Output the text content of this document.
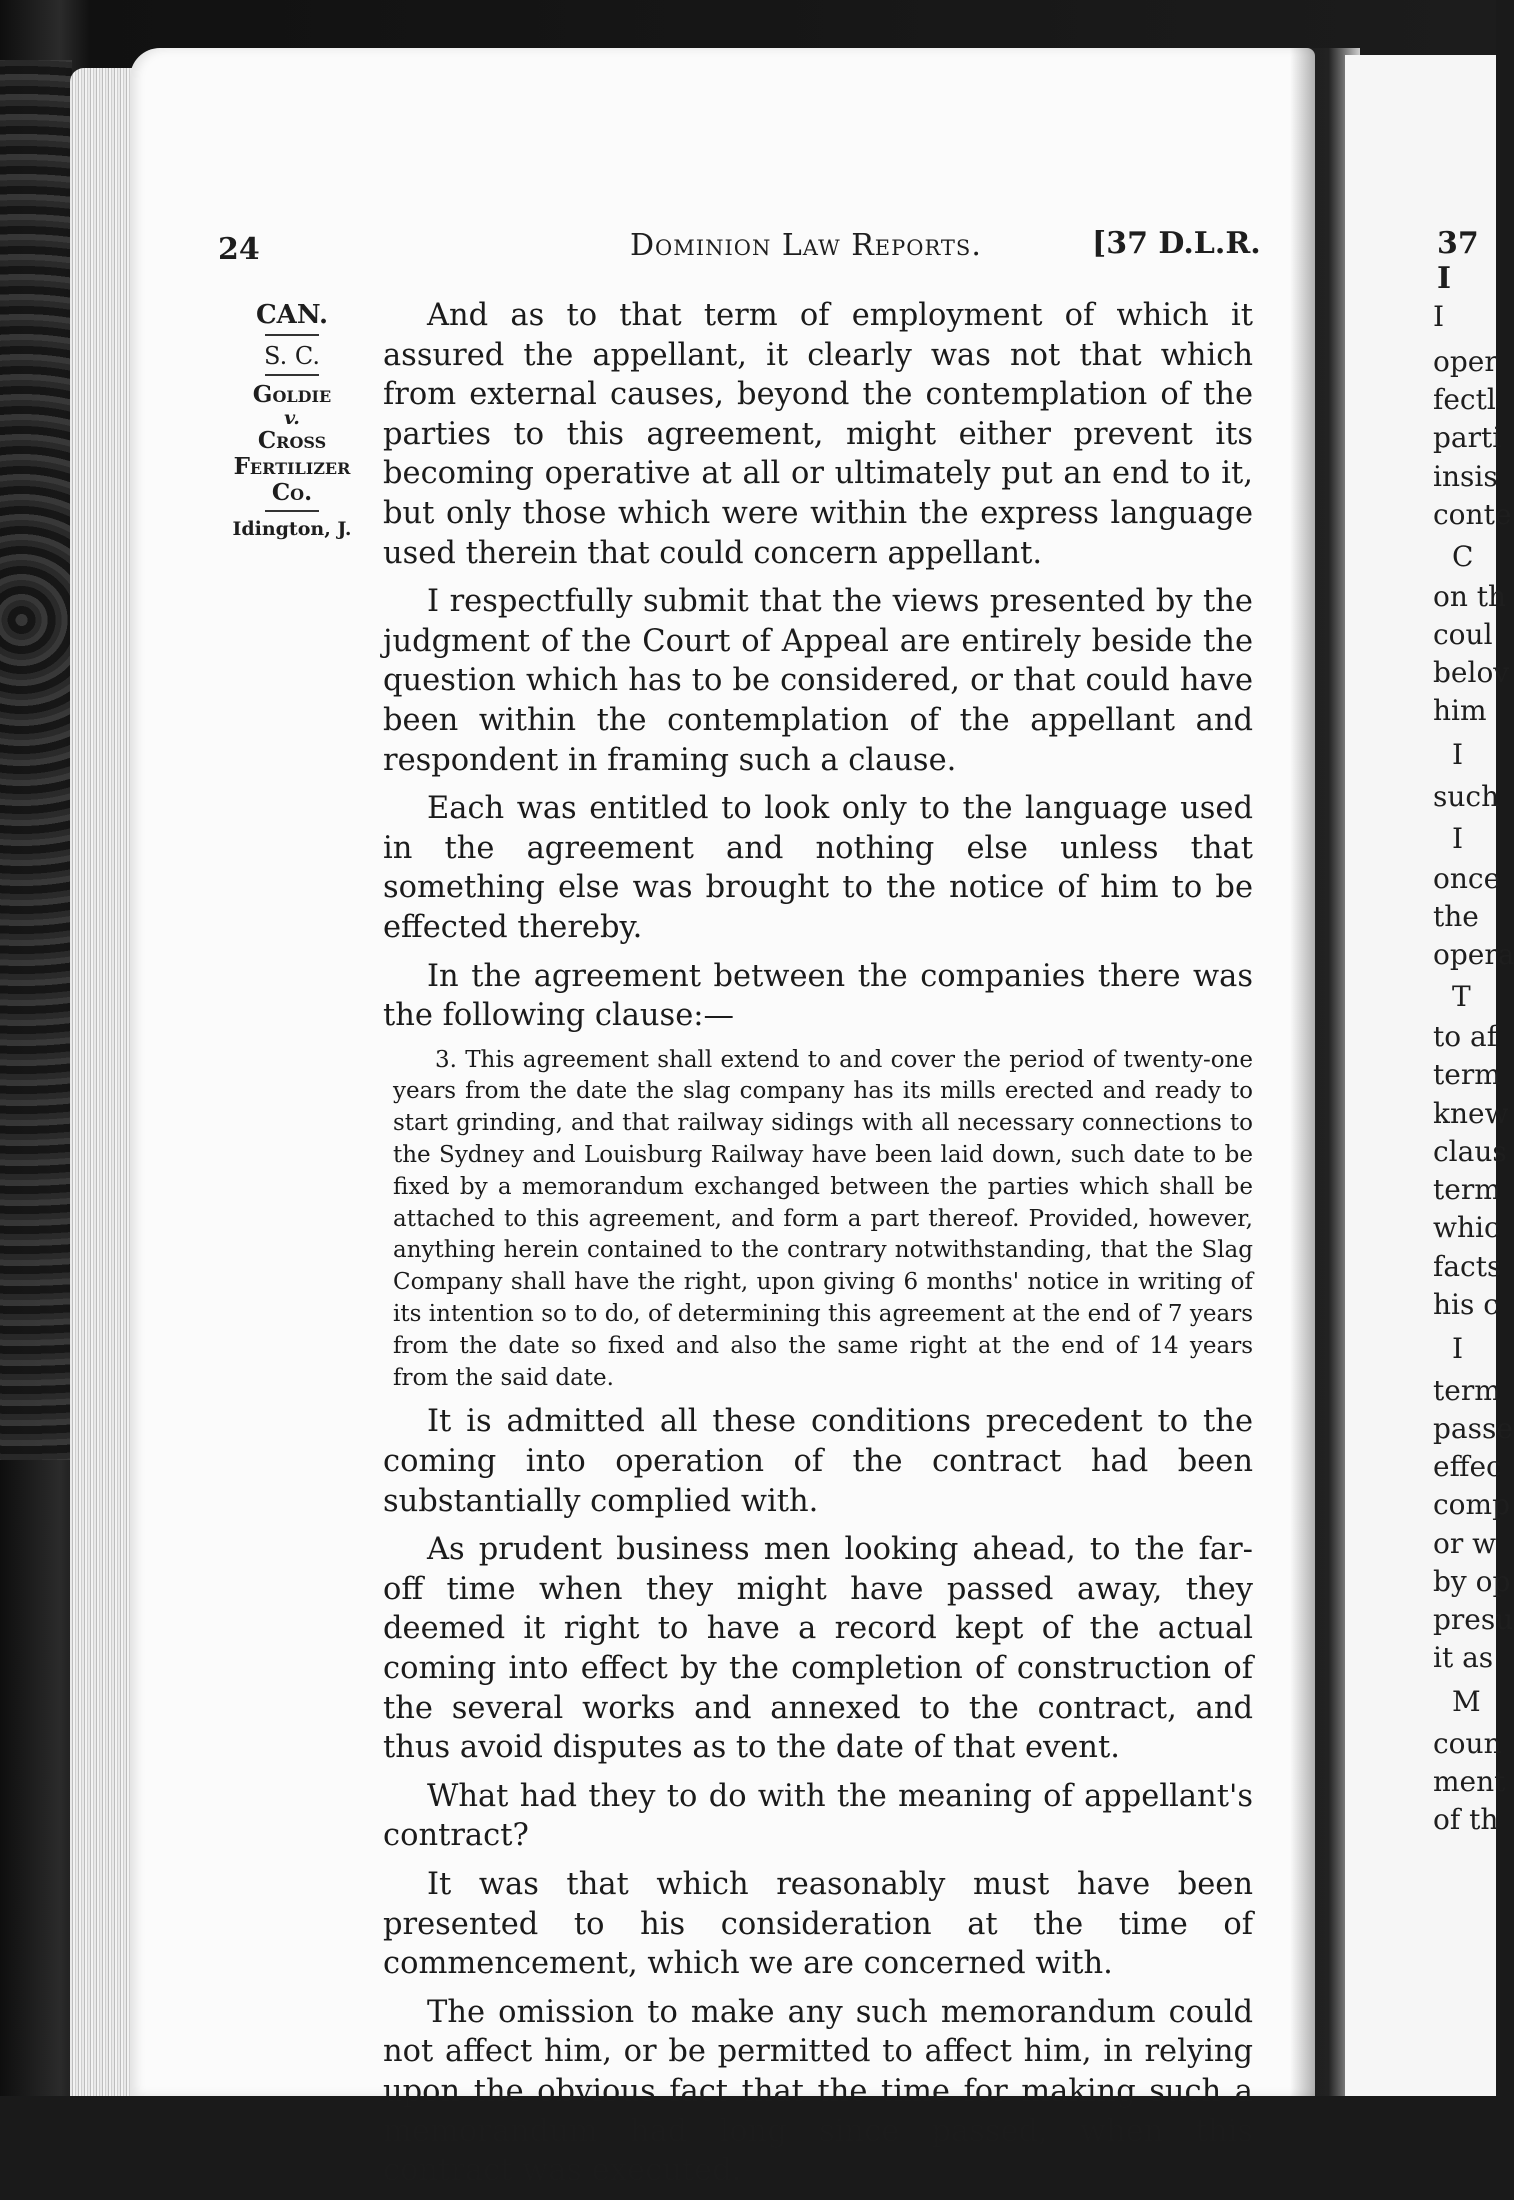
24	Dominion Law Reports.	[37 D.L.R.
CAN.
S. C.
Goldie
v.
Cross
Fertilizer
Co.
Idington, J.

And as to that term of employment of which it assured the appellant, it clearly was not that which from external causes, beyond the contemplation of the parties to this agreement, might either prevent its becoming operative at all or ultimately put an end to it, but only those which were within the express language used therein that could concern appellant.

I respectfully submit that the views presented by the judgment of the Court of Appeal are entirely beside the question which has to be considered, or that could have been within the contemplation of the appellant and respondent in framing such a clause.

Each was entitled to look only to the language used in the agreement and nothing else unless that something else was brought to the notice of him to be effected thereby.

In the agreement between the companies there was the following clause:—

3. This agreement shall extend to and cover the period of twenty-one years from the date the slag company has its mills erected and ready to start grinding, and that railway sidings with all necessary connections to the Sydney and Louisburg Railway have been laid down, such date to be fixed by a memorandum exchanged between the parties which shall be attached to this agreement, and form a part thereof. Provided, however, anything herein contained to the contrary notwithstanding, that the Slag Company shall have the right, upon giving 6 months' notice in writing of its intention so to do, of determining this agreement at the end of 7 years from the date so fixed and also the same right at the end of 14 years from the said date.

It is admitted all these conditions precedent to the coming into operation of the contract had been substantially complied with.

As prudent business men looking ahead, to the far-off time when they might have passed away, they deemed it right to have a record kept of the actual coming into effect by the completion of construction of the several works and annexed to the contract, and thus avoid disputes as to the date of that event.

What had they to do with the meaning of appellant's contract?

It was that which reasonably must have been presented to his consideration at the time of commencement, which we are concerned with.

The omission to make any such memorandum could not affect him, or be permitted to affect him, in relying upon the obvious fact that the time for making such a memorandum had long since passed, when this contract was executed.

37 I
I
oper
fectl
parti
insis
conte
C
on th
coul
belov
him
I
such
I
once
the
opera
T
to af
term
knew
claus
term
whic
facts
his c
I
term
passe
effec
comp
or w
by op
presu
it as
M
coun
ment
of th
